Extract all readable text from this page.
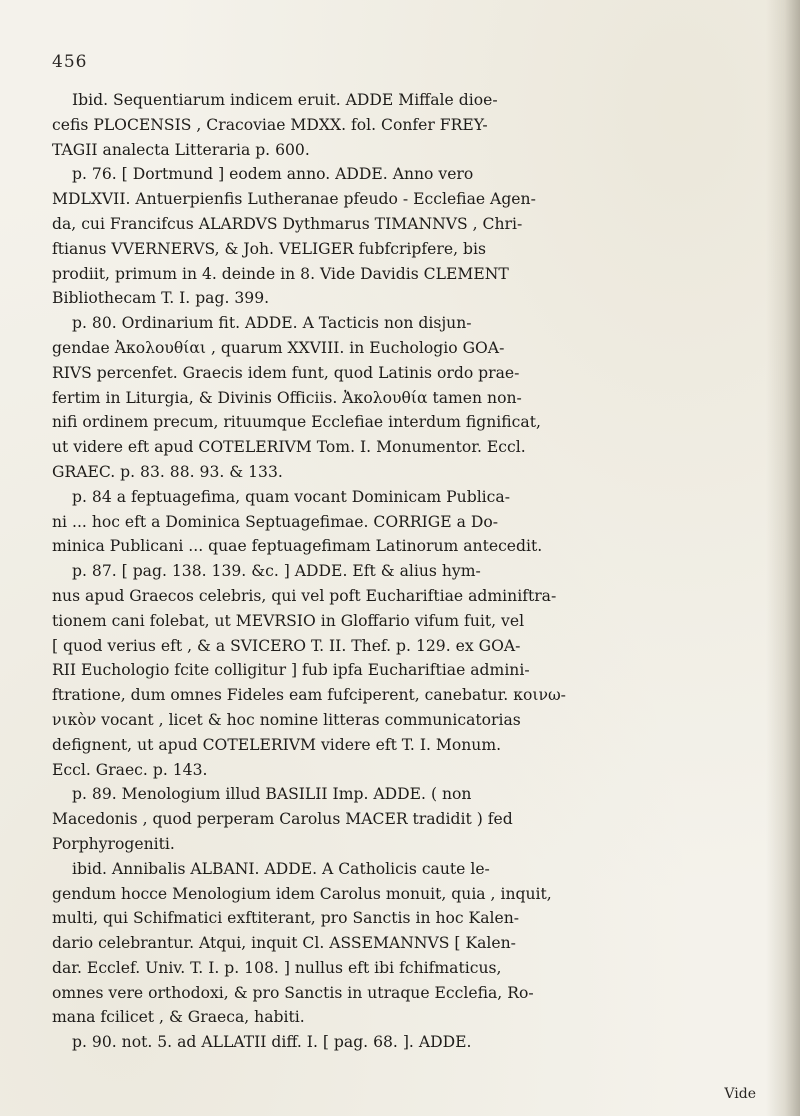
456
Ibid. Sequentiarum indicem eruit. ADDE Miffale dioe-
cefis PLOCENSIS , Cracoviae MDXX. fol. Confer FREY-
TAGII analecta Litteraria p. 600.
p. 76. [ Dortmund ] eodem anno. ADDE. Anno vero
MDLXVII. Antuerpienfis Lutheranae pfeudo - Ecclefiae Agen-
da, cui Francifcus ALARDVS Dythmarus TIMANNVS , Chri-
ftianus VVERNERVS, & Joh. VELIGER fubfcripfere, bis
prodiit, primum in 4. deinde in 8. Vide Davidis CLEMENT
Bibliothecam T. I. pag. 399.
p. 80. Ordinarium fit. ADDE. A Tacticis non disjun-
gendae Ἀκολουθίαι , quarum XXVIII. in Euchologio GOA-
RIVS percenfet. Graecis idem funt, quod Latinis ordo prae-
fertim in Liturgia, & Divinis Officiis. Ἀκολουθία tamen non-
nifi ordinem precum, rituumque Ecclefiae interdum fignificat,
ut videre eft apud COTELERIVM Tom. I. Monumentor. Eccl.
GRAEC. p. 83. 88. 93. & 133.
p. 84 a feptuagefima, quam vocant Dominicam Publica-
ni ... hoc eft a Dominica Septuagefimae. CORRIGE a Do-
minica Publicani ... quae feptuagefimam Latinorum antecedit.
p. 87. [ pag. 138. 139. &c. ] ADDE. Eft & alius hym-
nus apud Graecos celebris, qui vel poft Euchariftiae adminiftra-
tionem cani folebat, ut MEVRSIO in Gloffario vifum fuit, vel
[ quod verius eft , & a SVICERO T. II. Thef. p. 129. ex GOA-
RII Euchologio fcite colligitur ] fub ipfa Euchariftiae admini-
ftratione, dum omnes Fideles eam fufciperent, canebatur. κοινω-
νικὸν vocant , licet & hoc nomine litteras communicatorias
defignent, ut apud COTELERIVM videre eft T. I. Monum.
Eccl. Graec. p. 143.
p. 89. Menologium illud BASILII Imp. ADDE. ( non
Macedonis , quod perperam Carolus MACER tradidit ) fed
Porphyrogeniti.
ibid. Annibalis ALBANI. ADDE. A Catholicis caute le-
gendum hocce Menologium idem Carolus monuit, quia , inquit,
multi, qui Schifmatici exftiterant, pro Sanctis in hoc Kalen-
dario celebrantur. Atqui, inquit Cl. ASSEMANNVS [ Kalen-
dar. Ecclef. Univ. T. I. p. 108. ] nullus eft ibi fchifmaticus,
omnes vere orthodoxi, & pro Sanctis in utraque Ecclefia, Ro-
mana fcilicet , & Graeca, habiti.
p. 90. not. 5. ad ALLATII diff. I. [ pag. 68. ]. ADDE.
Vide
